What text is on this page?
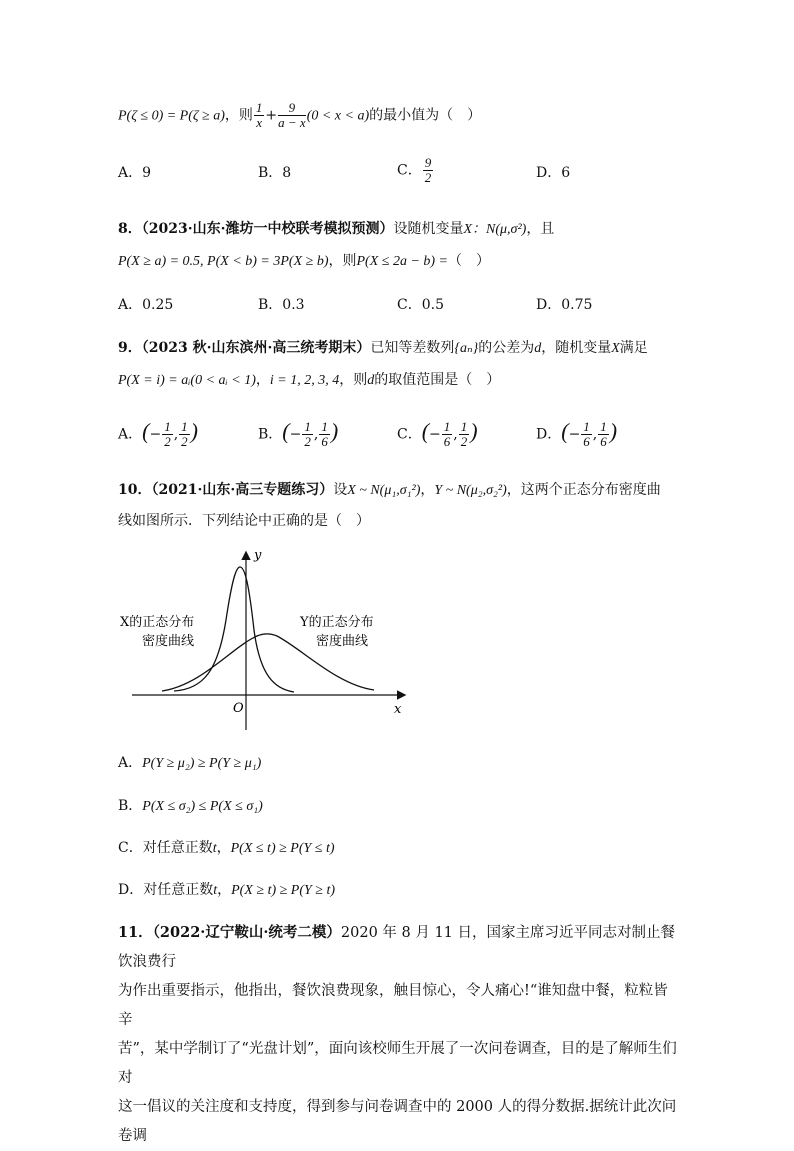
P(ζ ≤ 0) = P(ζ ≥ a)，则 $\frac{1}{x} + \frac{9}{a - x} (0 < x < a)$的最小值为（　）
A．9	B．8	C． $\frac{9}{2}$	D．6
8．（2023·山东·潍坊一中校联考模拟预测）设随机变量X：N(μ,σ²)，且
P(X ≥ a) = 0.5, P(X < b) = 3P(X ≥ b)，则P(X ≤ 2a − b) =（　）
A．0.25	B．0.3	C．0.5	D．0.75
9．（2023 秋·山东滨州·高三统考期末）已知等差数列{aₙ}的公差为d，随机变量X满足
P(X = i) = aᵢ(0 < aᵢ < 1)，i = 1, 2, 3, 4，则d的取值范围是（　）
A．(− $\frac{1}{2}$ , $\frac{1}{2}$ )	B．(− $\frac{1}{2}$ , $\frac{1}{6}$ )	C．(− $\frac{1}{6}$ , $\frac{1}{2}$ )	D．(− $\frac{1}{6}$ , $\frac{1}{6}$ )
10．（2021·山东·高三专题练习）设X ~ N(μ₁,σ₁²)，Y ~ N(μ₂,σ₂²)，这两个正态分布密度曲
线如图所示．下列结论中正确的是（　）
X的正态分布
密度曲线
Y的正态分布
密度曲线
y
x
O
A．P(Y ≥ μ₂) ≥ P(Y ≥ μ₁)
B．P(X ≤ σ₂) ≤ P(X ≤ σ₁)
C．对任意正数t，P(X ≤ t) ≥ P(Y ≤ t)
D．对任意正数t，P(X ≥ t) ≥ P(Y ≥ t)
11．（2022·辽宁鞍山·统考二模）2020 年 8 月 11 日，国家主席习近平同志对制止餐饮浪费行
为作出重要指示，他指出，餐饮浪费现象，触目惊心，令人痛心!“谁知盘中餐，粒粒皆辛
苦”，某中学制订了“光盘计划”，面向该校师生开展了一次问卷调查，目的是了解师生们对
这一倡议的关注度和支持度，得到参与问卷调查中的 2000 人的得分数据.据统计此次问卷调
